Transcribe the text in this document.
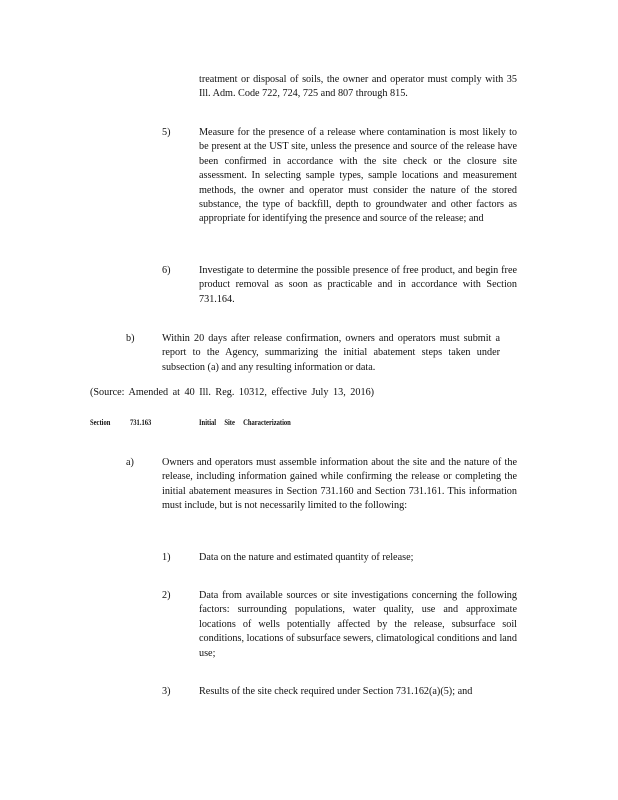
treatment or disposal of soils, the owner and operator must comply with 35 Ill. Adm. Code 722, 724, 725 and 807 through 815.
5)	Measure for the presence of a release where contamination is most likely to be present at the UST site, unless the presence and source of the release have been confirmed in accordance with the site check or the closure site assessment. In selecting sample types, sample locations and measurement methods, the owner and operator must consider the nature of the stored substance, the type of backfill, depth to groundwater and other factors as appropriate for identifying the presence and source of the release; and
6)	Investigate to determine the possible presence of free product, and begin free product removal as soon as practicable and in accordance with Section 731.164.
b)	Within 20 days after release confirmation, owners and operators must submit a report to the Agency, summarizing the initial abatement steps taken under subsection (a) and any resulting information or data.
(Source: Amended at 40 Ill. Reg. 10312, effective July 13, 2016)
Section 731.163	Initial Site Characterization
a)	Owners and operators must assemble information about the site and the nature of the release, including information gained while confirming the release or completing the initial abatement measures in Section 731.160 and Section 731.161. This information must include, but is not necessarily limited to the following:
1)	Data on the nature and estimated quantity of release;
2)	Data from available sources or site investigations concerning the following factors: surrounding populations, water quality, use and approximate locations of wells potentially affected by the release, subsurface soil conditions, locations of subsurface sewers, climatological conditions and land use;
3)	Results of the site check required under Section 731.162(a)(5); and
